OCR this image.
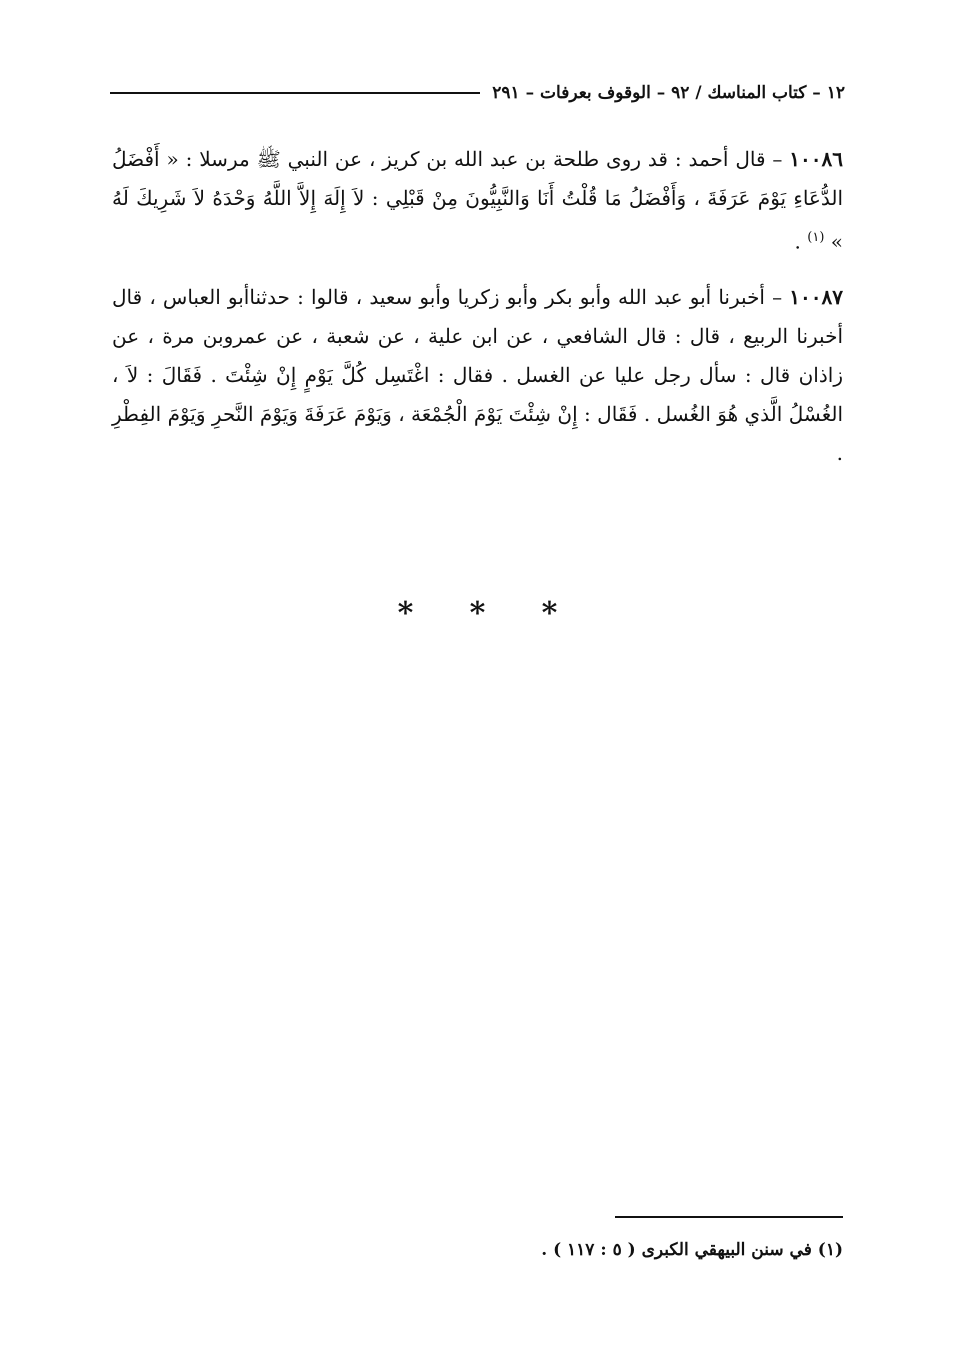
١٢ – كتاب المناسك / ٩٢ – الوقوف بعرفات – ٢٩١

١٠٠٨٦ – قال أحمد : قد روى طلحة بن عبد الله بن كريز ، عن النبي ﷺ مرسلا : « أَفْضَلُ الدُّعَاءِ يَوْمَ عَرَفَةَ ، وَأَفْضَلُ مَا قُلْتُ أَنَا وَالنَّبِيُّونَ مِنْ قَبْلِي : لاَ إِلَهَ إِلاَّ اللَّهُ وَحْدَهُ لاَ شَرِيكَ لَهُ » $^{(١)}$ .

١٠٠٨٧ – أخبرنا أبو عبد الله وأبو بكر وأبو زكريا وأبو سعيد ، قالوا : حدثناأبو العباس ، قال أخبرنا الربيع ، قال : قال الشافعي ، عن ابن علية ، عن شعبة ، عن عمروبن مرة ، عن زاذان قال : سأل رجل عليا عن الغسل . فقال : اغْتَسِل كُلَّ يَوْمٍ إِنْ شِئْتَ . فَقَالَ : لاَ ، الغُسْلُ الَّذي هُوَ الغُسل . فَقَال : إِنْ شِئْتَ يَوْمَ الْجُمْعَة ، وَيَوْمَ عَرَفَةَ وَيَوْمَ النَّحرِ وَيَوْمَ الفِطْرِ .

* * *
(١) في سنن البيهقي الكبرى ( ٥ : ١١٧ ) .
